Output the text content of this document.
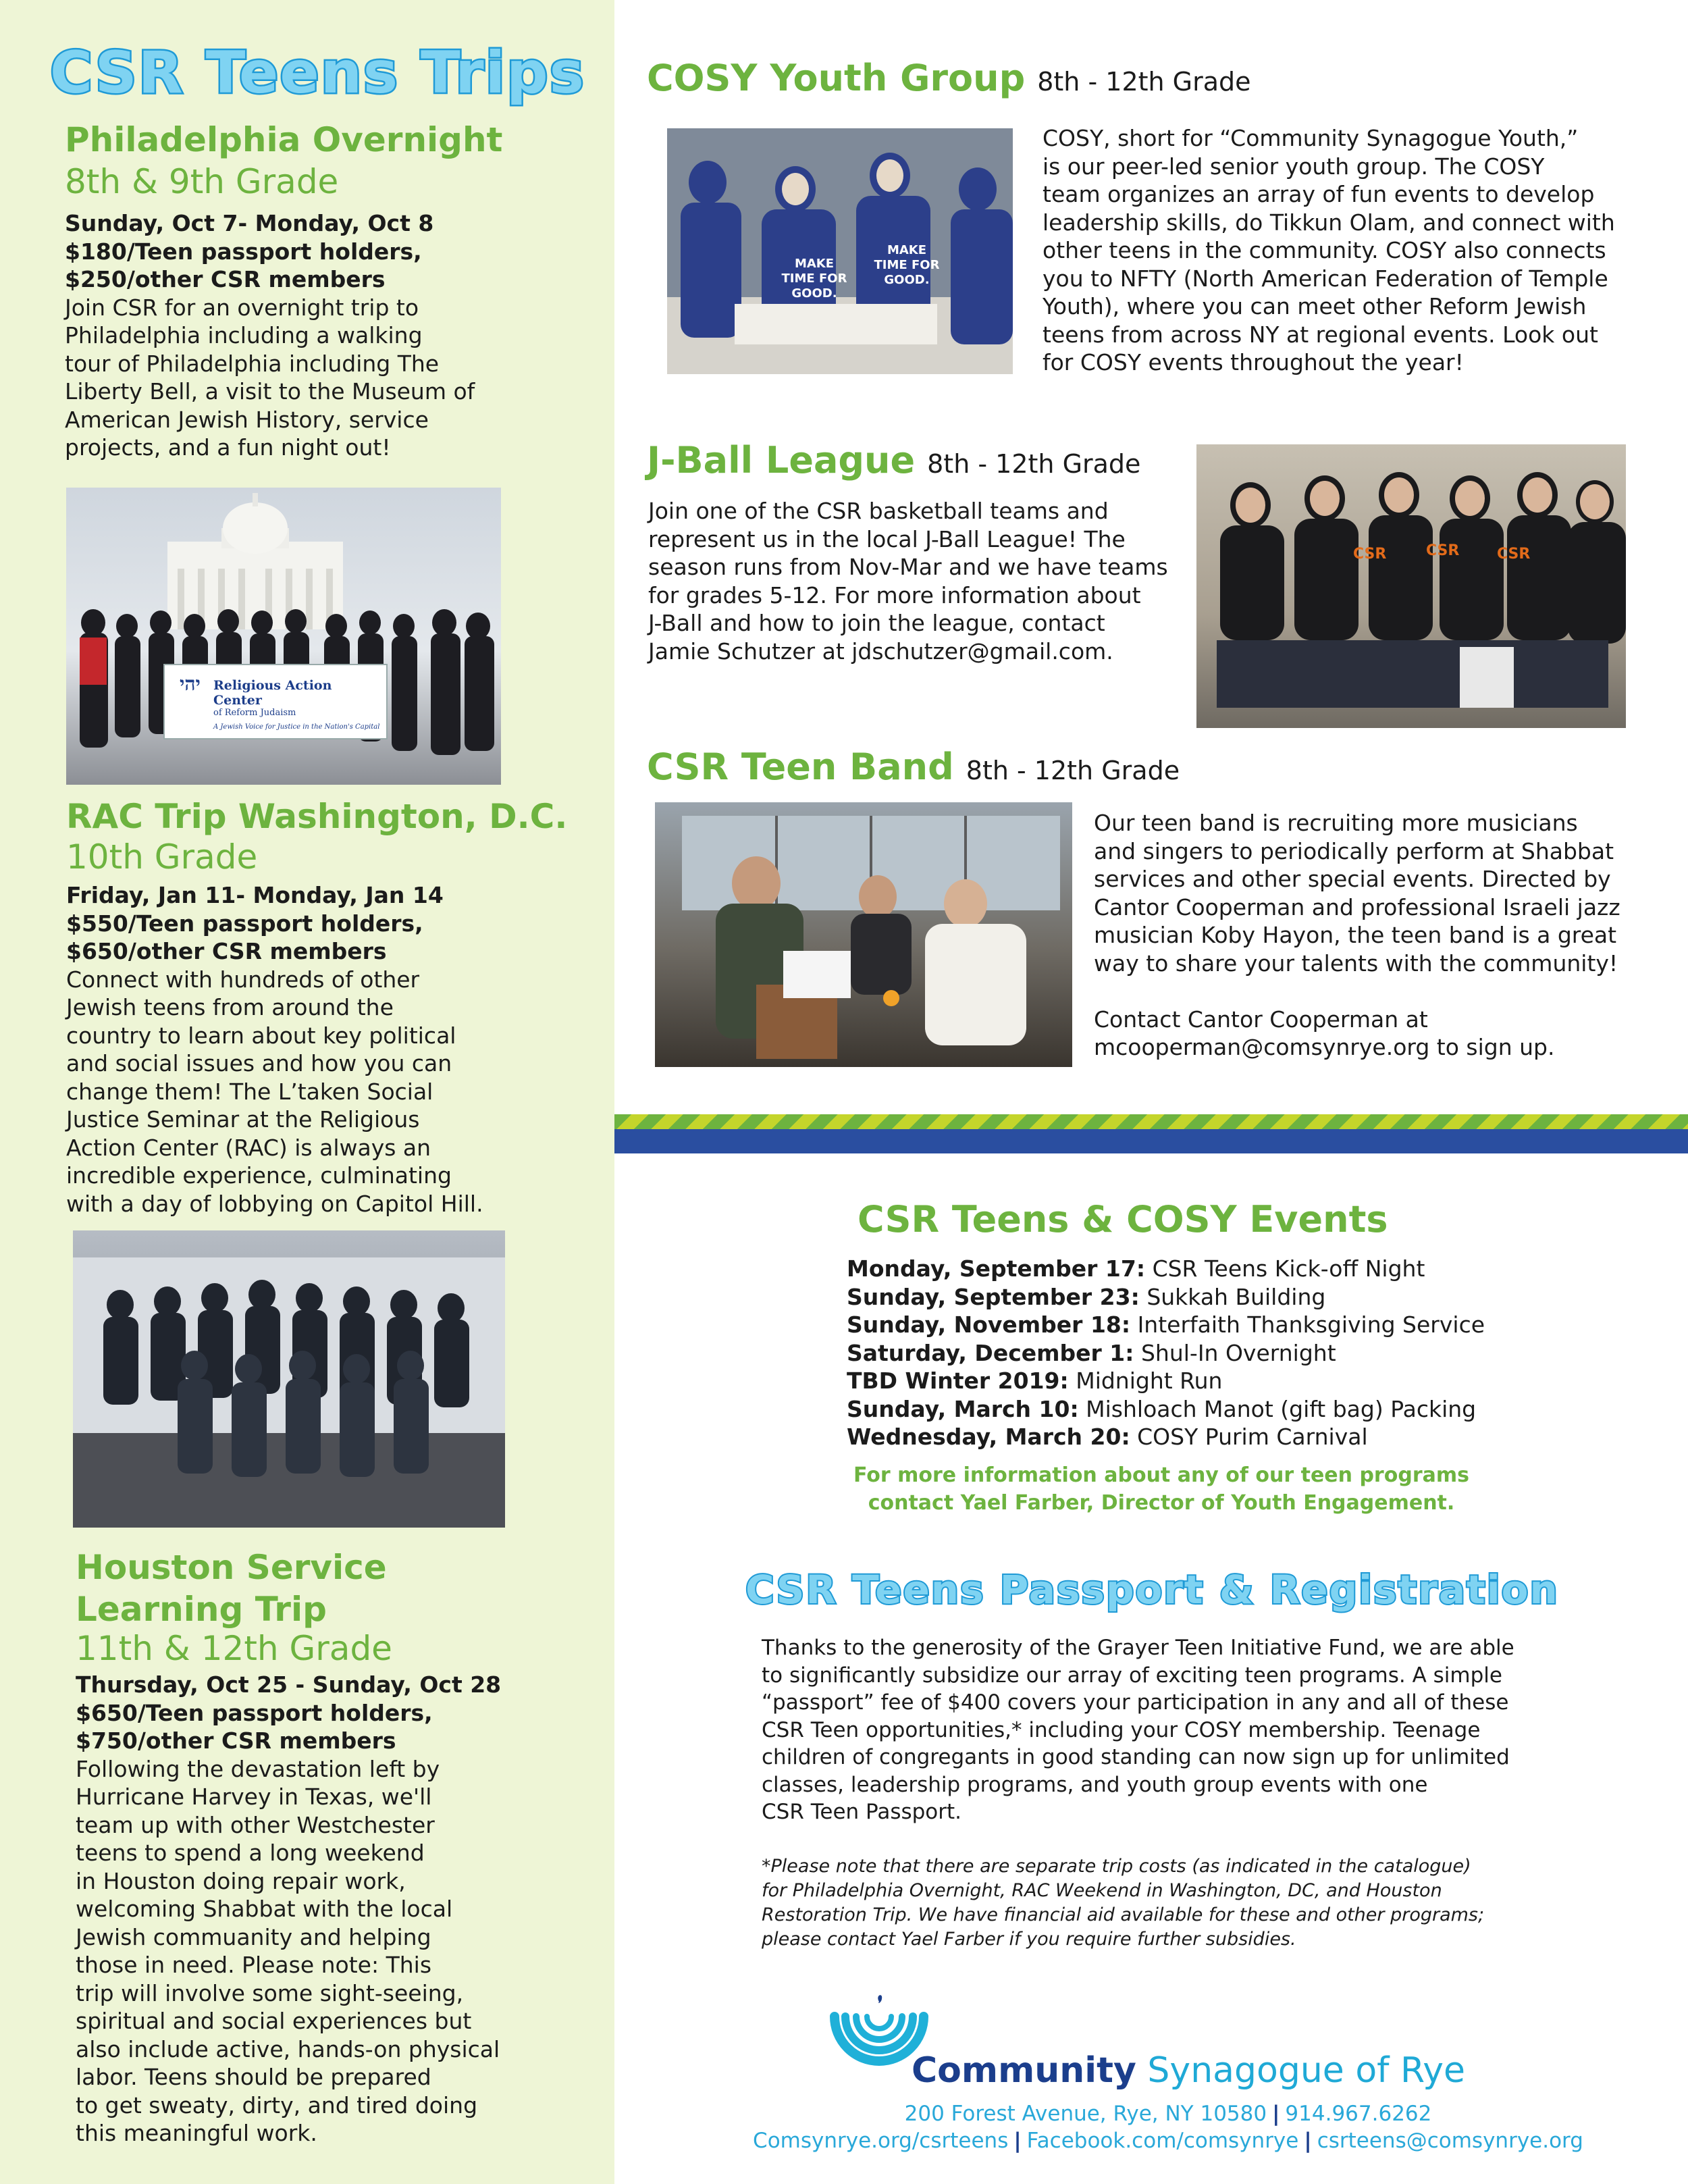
CSR Teens Trips
Philadelphia Overnight
8th & 9th Grade
Sunday, Oct 7- Monday, Oct 8
$180/Teen passport holders,
$250/other CSR members
Join CSR for an overnight trip to
Philadelphia including a walking
tour of Philadelphia including The
Liberty Bell, a visit to the Museum of
American Jewish History, service
projects, and a fun night out!
יהי Religious Action Center
of Reform Judaism
A Jewish Voice for Justice in the Nation's Capital
RAC Trip Washington, D.C.
10th Grade
Friday, Jan 11- Monday, Jan 14
$550/Teen passport holders,
$650/other CSR members
Connect with hundreds of other
Jewish teens from around the
country to learn about key political
and social issues and how you can
change them! The L’taken Social
Justice Seminar at the Religious
Action Center (RAC) is always an
incredible experience, culminating
with a day of lobbying on Capitol Hill.
Houston Service
Learning Trip
11th & 12th Grade
Thursday, Oct 25 - Sunday, Oct 28
$650/Teen passport holders,
$750/other CSR members
Following the devastation left by
Hurricane Harvey in Texas, we'll
team up with other Westchester
teens to spend a long weekend
in Houston doing repair work,
welcoming Shabbat with the local
Jewish commuanity and helping
those in need. Please note: This
trip will involve some sight-seeing,
spiritual and social experiences but
also include active, hands-on physical
labor. Teens should be prepared
to get sweaty, dirty, and tired doing
this meaningful work.
COSY Youth Group 8th - 12th Grade
MAKE TIME FOR GOOD.
MAKE TIME FOR GOOD.
COSY, short for “Community Synagogue Youth,”
is our peer-led senior youth group. The COSY
team organizes an array of fun events to develop
leadership skills, do Tikkun Olam, and connect with
other teens in the community. COSY also connects
you to NFTY (North American Federation of Temple
Youth), where you can meet other Reform Jewish
teens from across NY at regional events. Look out
for COSY events throughout the year!
J-Ball League 8th - 12th Grade
Join one of the CSR basketball teams and
represent us in the local J-Ball League! The
season runs from Nov-Mar and we have teams
for grades 5-12. For more information about
J-Ball and how to join the league, contact
Jamie Schutzer at jdschutzer@gmail.com.
CSR	CSR	CSR
CSR Teen Band 8th - 12th Grade
Our teen band is recruiting more musicians
and singers to periodically perform at Shabbat
services and other special events. Directed by
Cantor Cooperman and professional Israeli jazz
musician Koby Hayon, the teen band is a great
way to share your talents with the community!
Contact Cantor Cooperman at
mcooperman@comsynrye.org to sign up.
CSR Teens & COSY Events
Monday, September 17: CSR Teens Kick-off Night
Sunday, September 23: Sukkah Building
Sunday, November 18: Interfaith Thanksgiving Service
Saturday, December 1: Shul-In Overnight
TBD Winter 2019: Midnight Run
Sunday, March 10: Mishloach Manot (gift bag) Packing
Wednesday, March 20: COSY Purim Carnival
For more information about any of our teen programs
contact Yael Farber, Director of Youth Engagement.
CSR Teens Passport & Registration
Thanks to the generosity of the Grayer Teen Initiative Fund, we are able
to significantly subsidize our array of exciting teen programs. A simple
“passport” fee of $400 covers your participation in any and all of these
CSR Teen opportunities,* including your COSY membership. Teenage
children of congregants in good standing can now sign up for unlimited
classes, leadership programs, and youth group events with one
CSR Teen Passport.
*Please note that there are separate trip costs (as indicated in the catalogue)
for Philadelphia Overnight, RAC Weekend in Washington, DC, and Houston
Restoration Trip. We have financial aid available for these and other programs;
please contact Yael Farber if you require further subsidies.
Community Synagogue of Rye
200 Forest Avenue, Rye, NY 10580 | 914.967.6262
Comsynrye.org/csrteens | Facebook.com/comsynrye | csrteens@comsynrye.org
